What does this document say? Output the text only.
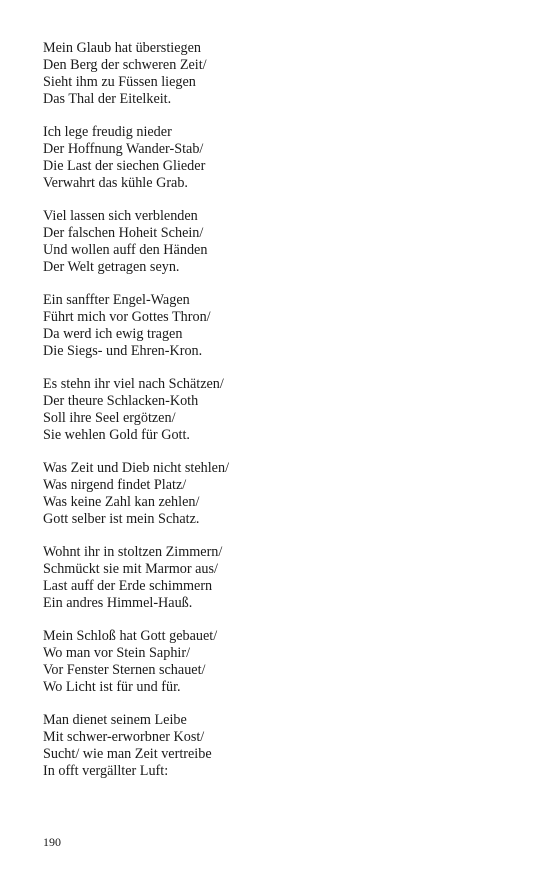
Mein Glaub hat überstiegen
Den Berg der schweren Zeit/
Sieht ihm zu Füssen liegen
Das Thal der Eitelkeit.
Ich lege freudig nieder
Der Hoffnung Wander-Stab/
Die Last der siechen Glieder
Verwahrt das kühle Grab.
Viel lassen sich verblenden
Der falschen Hoheit Schein/
Und wollen auff den Händen
Der Welt getragen seyn.
Ein sanffter Engel-Wagen
Führt mich vor Gottes Thron/
Da werd ich ewig tragen
Die Siegs- und Ehren-Kron.
Es stehn ihr viel nach Schätzen/
Der theure Schlacken-Koth
Soll ihre Seel ergötzen/
Sie wehlen Gold für Gott.
Was Zeit und Dieb nicht stehlen/
Was nirgend findet Platz/
Was keine Zahl kan zehlen/
Gott selber ist mein Schatz.
Wohnt ihr in stoltzen Zimmern/
Schmückt sie mit Marmor aus/
Last auff der Erde schimmern
Ein andres Himmel-Hauß.
Mein Schloß hat Gott gebauet/
Wo man vor Stein Saphir/
Vor Fenster Sternen schauet/
Wo Licht ist für und für.
Man dienet seinem Leibe
Mit schwer-erworbner Kost/
Sucht/ wie man Zeit vertreibe
In offt vergällter Luft:
190
